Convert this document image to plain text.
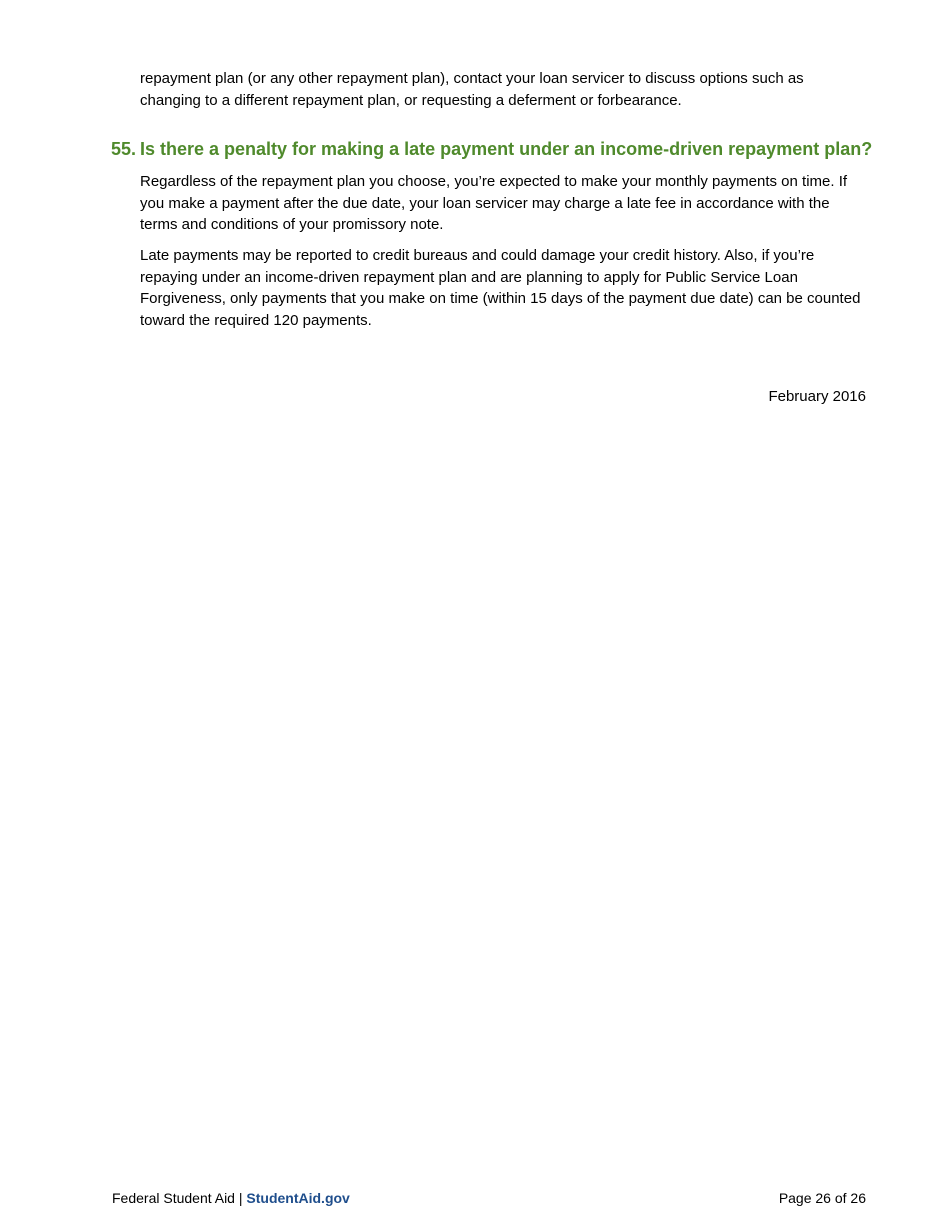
repayment plan (or any other repayment plan), contact your loan servicer to discuss options such as changing to a different repayment plan, or requesting a deferment or forbearance.

55. Is there a penalty for making a late payment under an income-driven repayment plan?

Regardless of the repayment plan you choose, you’re expected to make your monthly payments on time. If you make a payment after the due date, your loan servicer may charge a late fee in accordance with the terms and conditions of your promissory note.

Late payments may be reported to credit bureaus and could damage your credit history. Also, if you’re repaying under an income-driven repayment plan and are planning to apply for Public Service Loan Forgiveness, only payments that you make on time (within 15 days of the payment due date) can be counted toward the required 120 payments.

February 2016

Federal Student Aid | StudentAid.gov	Page 26 of 26
